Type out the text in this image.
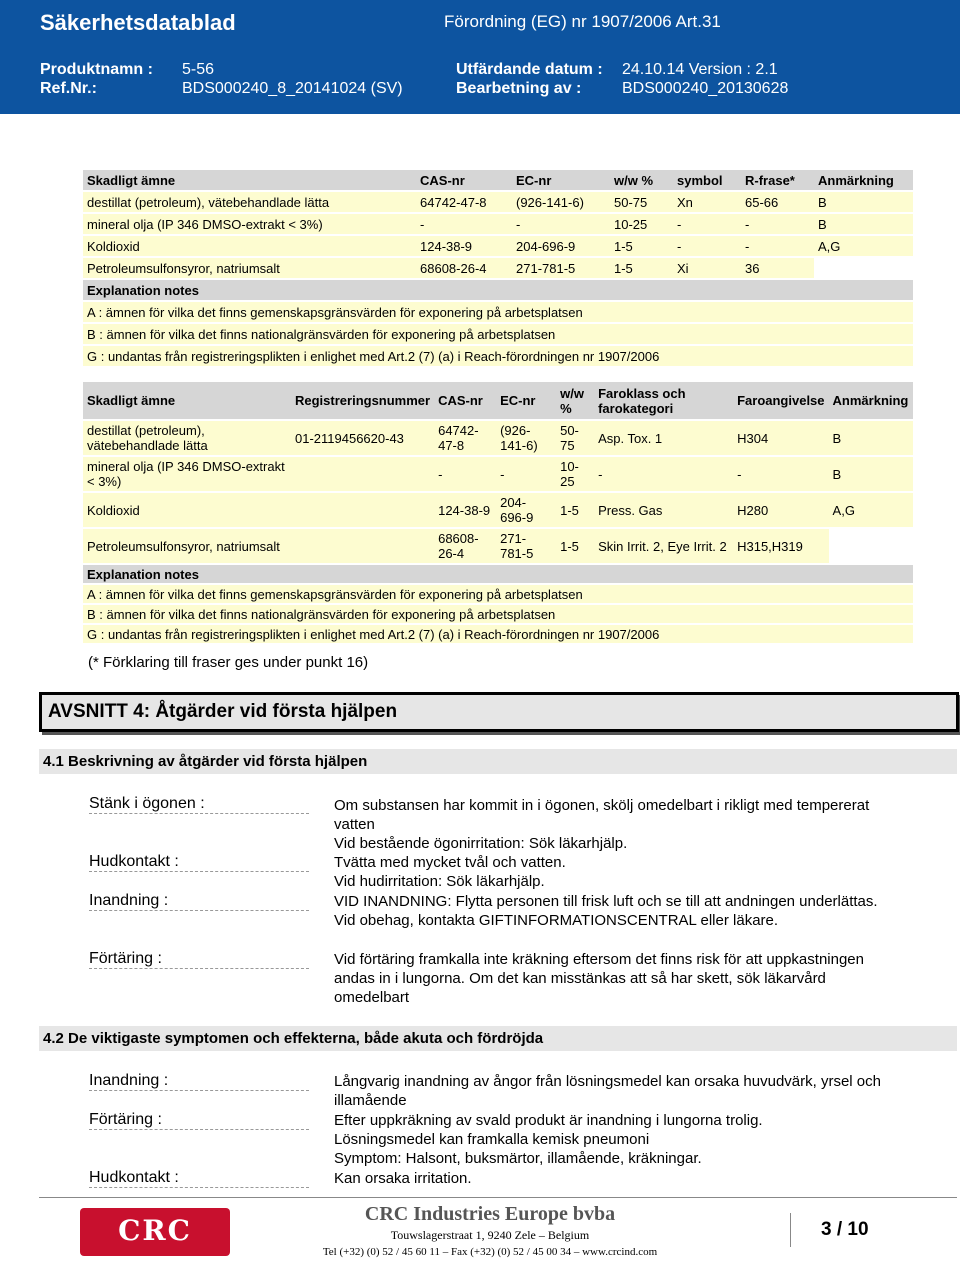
Säkerhetsdatablad	Förordning (EG) nr 1907/2006 Art.31
Produktnamn : 5-56	Utfärdande datum : 24.10.14 Version : 2.1
Ref.Nr.:	BDS000240_8_20141024 (SV)	Bearbetning av :	BDS000240_20130628
Skadligt ämne	CAS-nr	EC-nr	w/w %	symbol	R-frase*	Anmärkning
destillat (petroleum), vätebehandlade lätta	64742-47-8	(926-141-6)	50-75	Xn	65-66	B
mineral olja (IP 346 DMSO-extrakt < 3%)	-	-	10-25	-	-	B
Koldioxid	124-38-9	204-696-9	1-5	-	-	A,G
Petroleumsulfonsyror, natriumsalt	68608-26-4	271-781-5	1-5	Xi	36	
Explanation notes						
A : ämnen för vilka det finns gemenskapsgränsvärden för exponering på arbetsplatsen						
B : ämnen för vilka det finns nationalgränsvärden för exponering på arbetsplatsen						
G : undantas från registreringsplikten i enlighet med Art.2 (7) (a) i Reach-förordningen nr 1907/2006						
Skadligt ämne	Registreringsnummer	CAS-nr	EC-nr	w/w %	Faroklass och farokategori	Faroangivelse	Anmärkning
destillat (petroleum), vätebehandlade lätta	01-2119456620-43	64742-47-8	(926-141-6)	50-75	Asp. Tox. 1	H304	B
mineral olja (IP 346 DMSO-extrakt < 3%)		-	-	10-25	-	-	B
Koldioxid		124-38-9	204-696-9	1-5	Press. Gas	H280	A,G
Petroleumsulfonsyror, natriumsalt		68608-26-4	271-781-5	1-5	Skin Irrit. 2, Eye Irrit. 2	H315,H319	
Explanation notes							
A : ämnen för vilka det finns gemenskapsgränsvärden för exponering på arbetsplatsen							
B : ämnen för vilka det finns nationalgränsvärden för exponering på arbetsplatsen							
G : undantas från registreringsplikten i enlighet med Art.2 (7) (a) i Reach-förordningen nr 1907/2006							
(* Förklaring till fraser ges under punkt 16)
AVSNITT 4: Åtgärder vid första hjälpen
4.1 Beskrivning av åtgärder vid första hjälpen
Stänk i ögonen :	Om substansen har kommit in i ögonen, skölj omedelbart i rikligt med tempererat vatten
Vid bestående ögonirritation: Sök läkarhjälp.
Hudkontakt :	Tvätta med mycket tvål och vatten.
Vid hudirritation: Sök läkarhjälp.
Inandning :	VID INANDNING: Flytta personen till frisk luft och se till att andningen underlättas.
Vid obehag, kontakta GIFTINFORMATIONSCENTRAL eller läkare.
Förtäring :	Vid förtäring framkalla inte kräkning eftersom det finns risk för att uppkastningen andas in i lungorna. Om det kan misstänkas att så har skett, sök läkarvård omedelbart
4.2 De viktigaste symptomen och effekterna, både akuta och fördröjda
Inandning :	Långvarig inandning av ångor från lösningsmedel kan orsaka huvudvärk, yrsel och illamående
Förtäring :	Efter uppkräkning av svald produkt är inandning i lungorna trolig.
Lösningsmedel kan framkalla kemisk pneumoni
Symptom: Halsont, buksmärtor, illamående, kräkningar.
Hudkontakt :	Kan orsaka irritation.
CRC	CRC Industries Europe bvba
Touwslagerstraat 1, 9240 Zele – Belgium
Tel (+32) (0) 52 / 45 60 11 – Fax (+32) (0) 52 / 45 00 34 – www.crcind.com
3 / 10
